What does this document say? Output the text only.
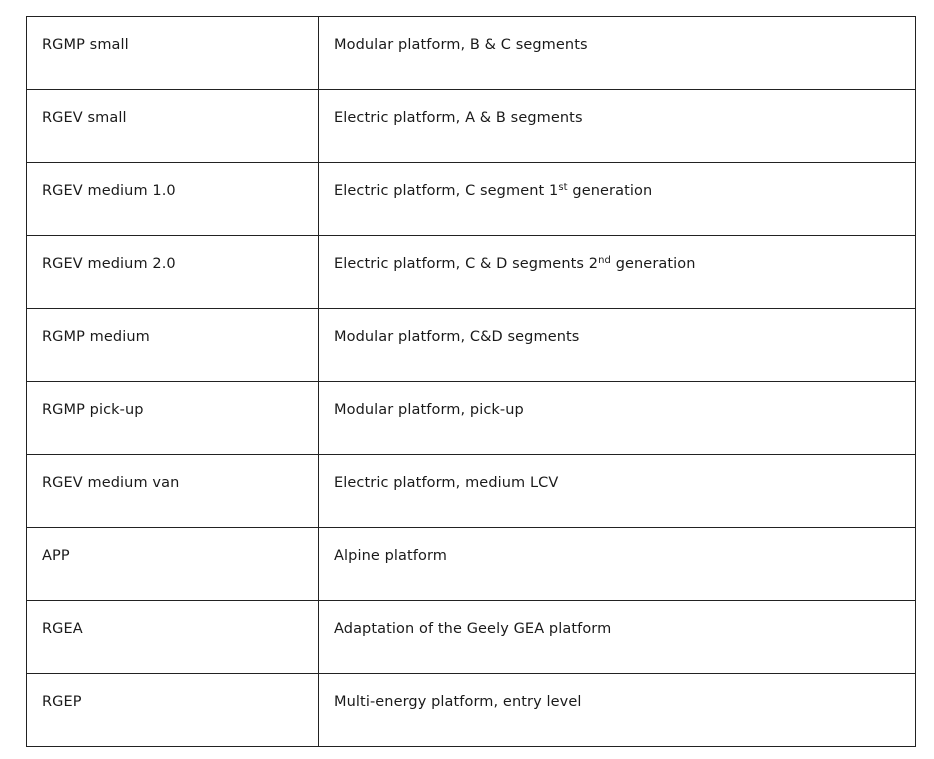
RGMP small	Modular platform, B & C segments
RGEV small	Electric platform, A & B segments
RGEV medium 1.0	Electric platform, C segment 1st generation
RGEV medium 2.0	Electric platform, C & D segments 2nd generation
RGMP medium	Modular platform, C&D segments
RGMP pick-up	Modular platform, pick-up
RGEV medium van	Electric platform, medium LCV
APP	Alpine platform
RGEA	Adaptation of the Geely GEA platform
RGEP	Multi-energy platform, entry level
